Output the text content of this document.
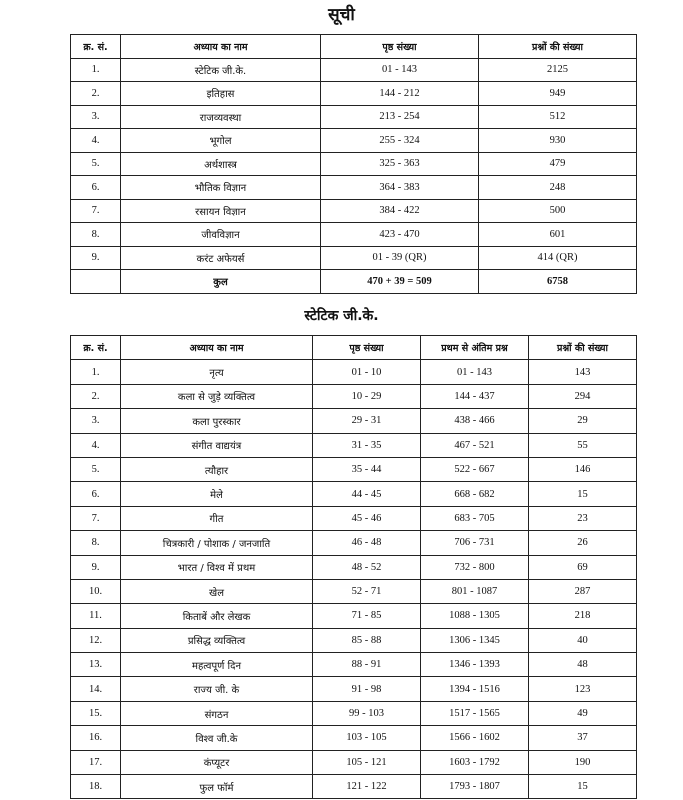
सूची
क्र. सं.	अध्याय का नाम	पृष्ठ संख्या	प्रश्नों की संख्या
1.	स्टेटिक जी.के.	01 - 143	2125
2.	इतिहास	144 - 212	949
3.	राजव्यवस्था	213 - 254	512
4.	भूगोल	255 - 324	930
5.	अर्थशास्त्र	325 - 363	479
6.	भौतिक विज्ञान	364 - 383	248
7.	रसायन विज्ञान	384 - 422	500
8.	जीवविज्ञान	423 - 470	601
9.	करंट अफेयर्स	01 - 39 (QR)	414 (QR)
	कुल	470 + 39 = 509	6758
स्टेटिक जी.के.
क्र. सं.	अध्याय का नाम	पृष्ठ संख्या	प्रथम से अंतिम प्रश्न	प्रश्नों की संख्या
1.	नृत्य	01 - 10	01 - 143	143
2.	कला से जुड़े व्यक्तित्व	10 - 29	144 - 437	294
3.	कला पुरस्कार	29 - 31	438 - 466	29
4.	संगीत वाद्ययंत्र	31 - 35	467 - 521	55
5.	त्यौहार	35 - 44	522 - 667	146
6.	मेले	44 - 45	668 - 682	15
7.	गीत	45 - 46	683 - 705	23
8.	चित्रकारी / पोशाक / जनजाति	46 - 48	706 - 731	26
9.	भारत / विश्व में प्रथम	48 - 52	732 - 800	69
10.	खेल	52 - 71	801 - 1087	287
11.	किताबें और लेखक	71 - 85	1088 - 1305	218
12.	प्रसिद्ध व्यक्तित्व	85 - 88	1306 - 1345	40
13.	महत्वपूर्ण दिन	88 - 91	1346 - 1393	48
14.	राज्य जी. के	91 - 98	1394 - 1516	123
15.	संगठन	99 - 103	1517 - 1565	49
16.	विश्व जी.के	103 - 105	1566 - 1602	37
17.	कंप्यूटर	105 - 121	1603 - 1792	190
18.	फुल फॉर्म	121 - 122	1793 - 1807	15
